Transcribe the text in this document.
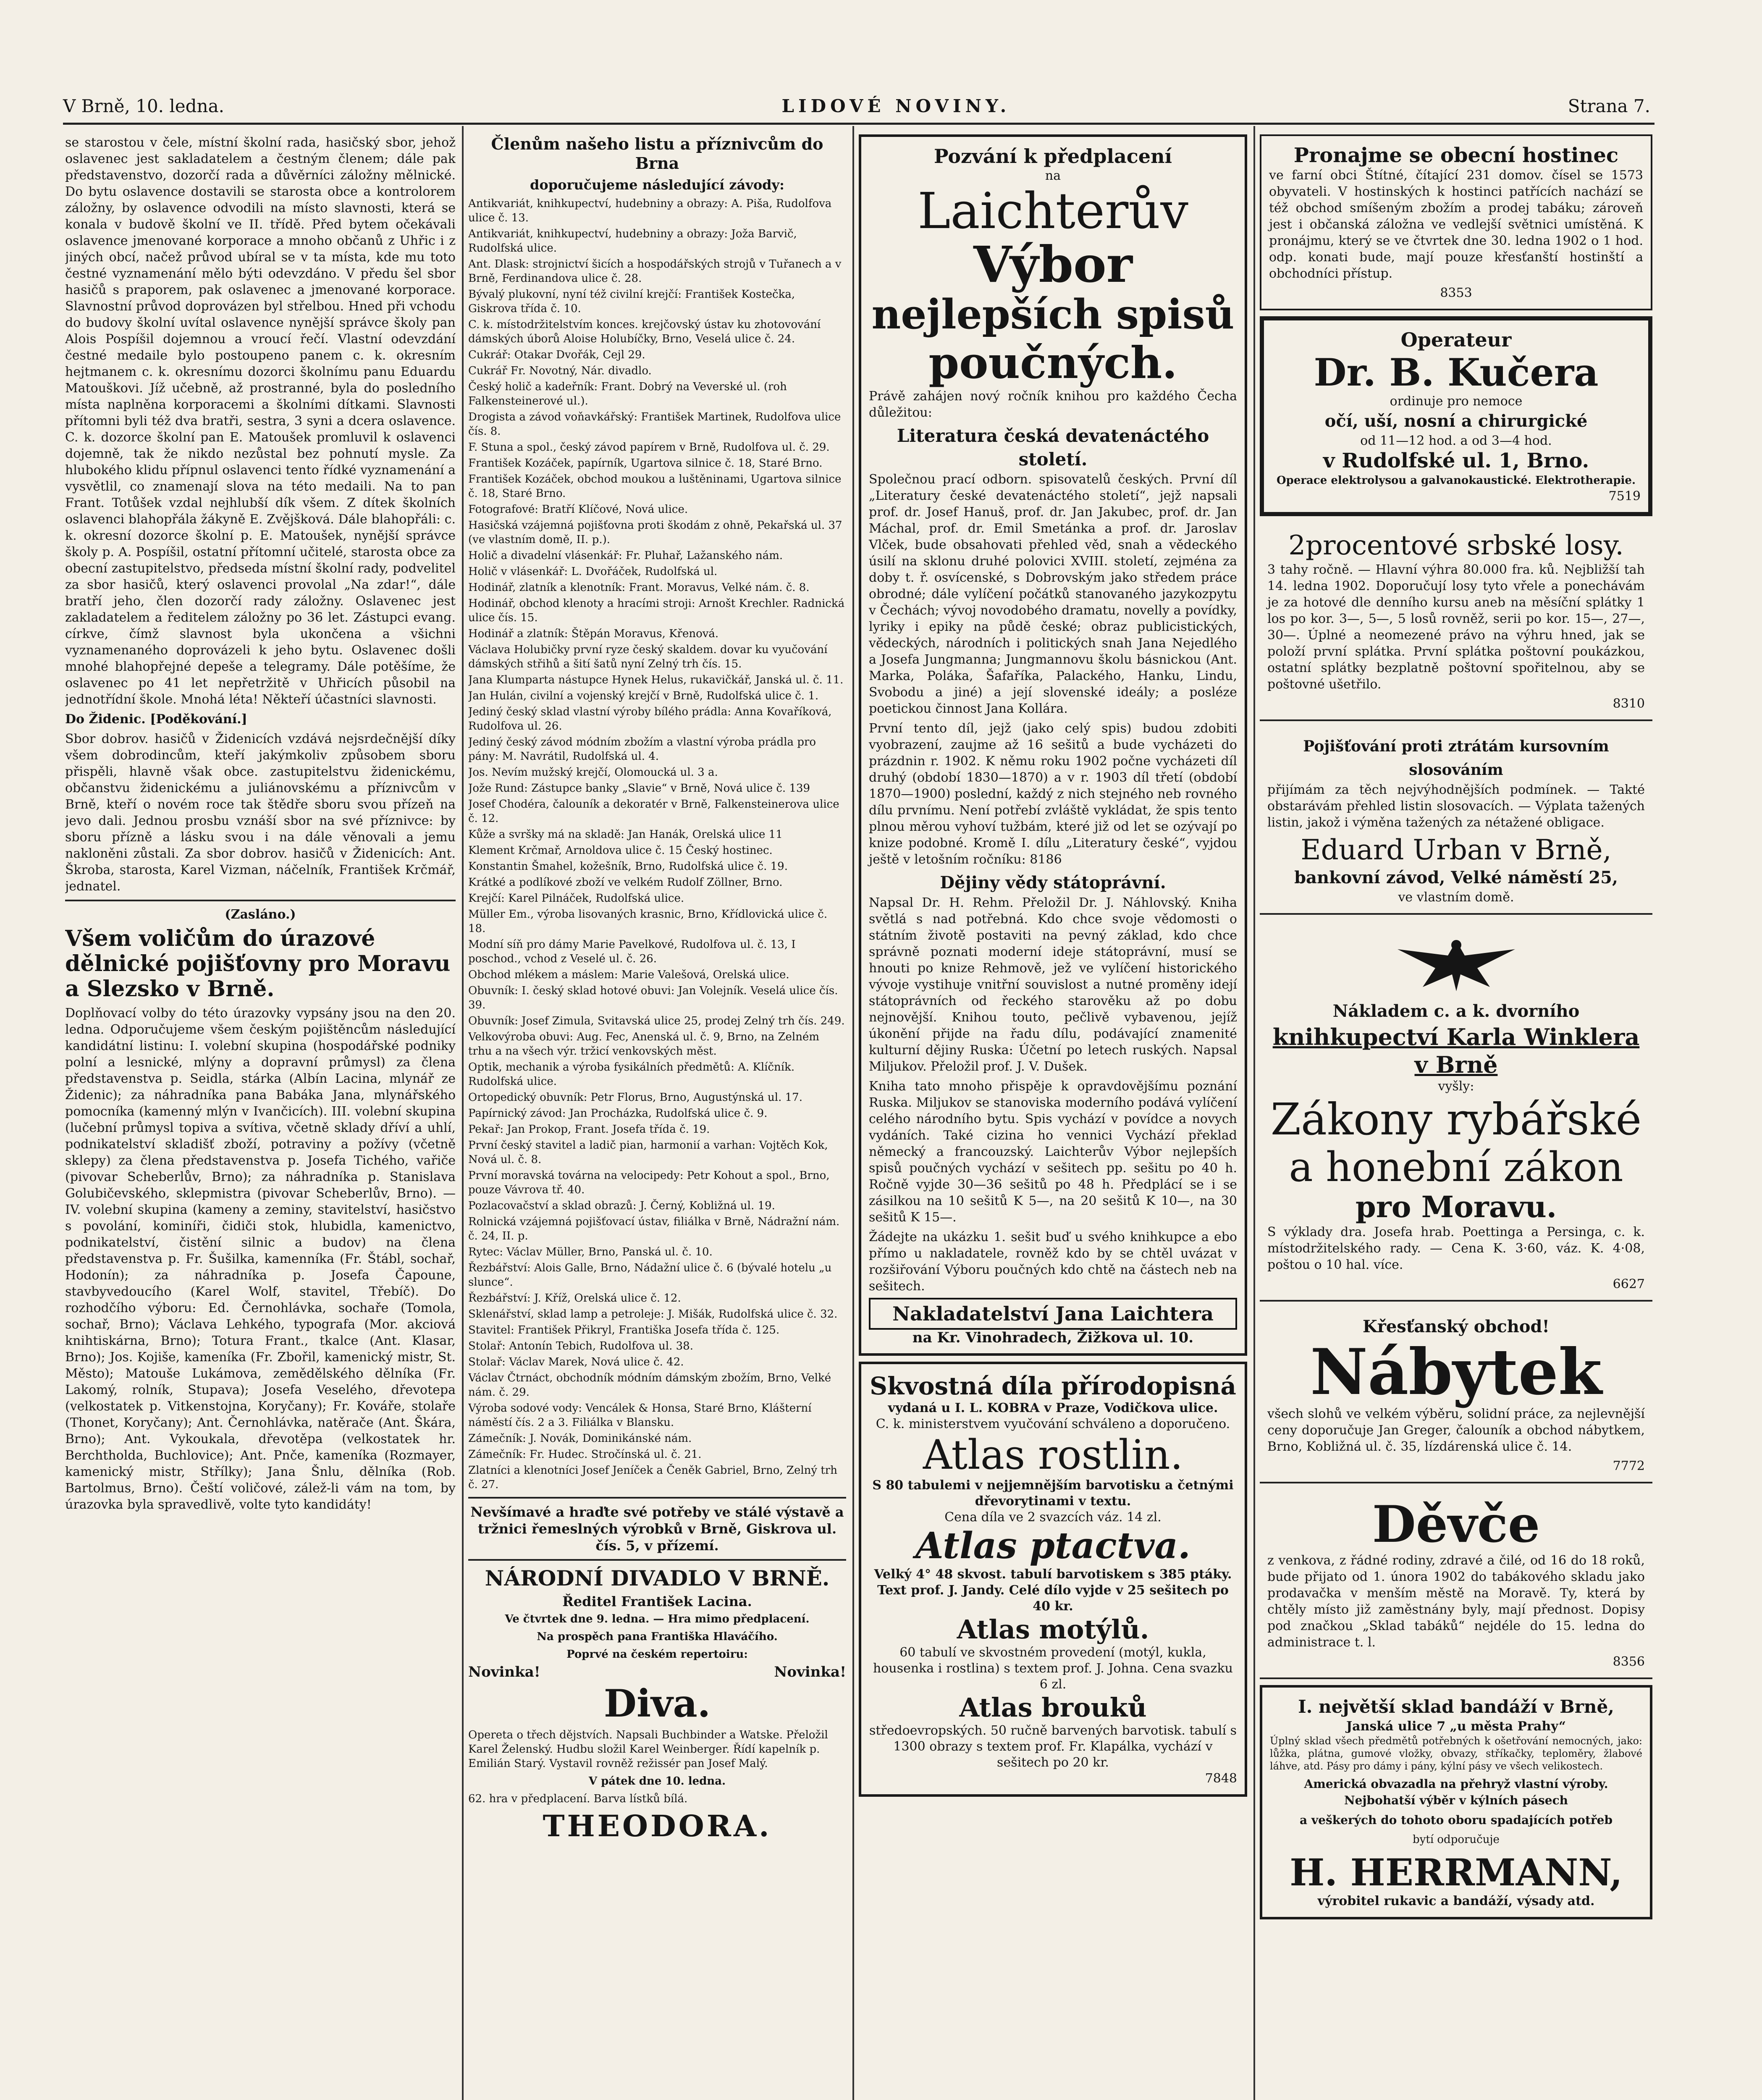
V Brně, 10. ledna.	LIDOVÉ NOVINY.	Strana 7.

se starostou v čele, místní školní rada, hasičský sbor, jehož oslavenec jest sakladatelem a čestným členem; dále pak představenstvo, dozorčí rada a důvěrníci záložny mělnické. Do bytu oslavence dostavili se starosta obce a kontrolorem záložny, by oslavence odvodili na místo slavnosti, která se konala v budově školní ve II. třídě. Před bytem očekávali oslavence jmenované korporace a mnoho občanů z Uhřic i z jiných obcí, načež průvod ubíral se v ta místa, kde mu toto čestné vyznamenání mělo býti odevzdáno. V předu šel sbor hasičů s praporem, pak oslavenec a jmenované korporace. Slavnostní průvod doprovázen byl střelbou. Hned při vchodu do budovy školní uvítal oslavence nynější správce školy pan Alois Pospíšil dojemnou a vroucí řečí. Vlastní odevzdání čestné medaile bylo postoupeno panem c. k. okresním hejtmanem c. k. okresnímu dozorci školnímu panu Eduardu Matouškovi. Jíž učebně, až prostranné, byla do posledního místa naplněna korporacemi a školními dítkami. Slavnosti přítomni byli též dva bratři, sestra, 3 syni a dcera oslavence. C. k. dozorce školní pan E. Matoušek promluvil k oslavenci dojemně, tak že nikdo nezůstal bez pohnutí mysle. Za hlubokého klidu přípnul oslavenci tento řídké vyznamenání a vysvětlil, co znamenají slova na této medaili. Na to pan Frant. Totůšek vzdal nejhlubší dík všem. Z dítek školních oslavenci blahopřála žákyně E. Zvějšková. Dále blahopřáli: c. k. okresní dozorce školní p. E. Matoušek, nynější správce školy p. A. Pospíšil, ostatní přítomní učitelé, starosta obce za obecní zastupitelstvo, předseda místní školní rady, podvelitel za sbor hasičů, který oslavenci provolal „Na zdar!“, dále bratří jeho, člen dozorčí rady záložny. Oslavenec jest zakladatelem a ředitelem záložny po 36 let. Zástupci evang. církve, čímž slavnost byla ukončena a všichni vyznamenaného doprovázeli k jeho bytu. Oslavenec došli mnohé blahopřejné depeše a telegramy. Dále potěšíme, že oslavenec po 41 let nepřetržitě v Uhřicích působil na jednotřídní škole. Mnohá léta! Někteří účastníci slavnosti.

Do Židenic. [Poděkování.]

Sbor dobrov. hasičů v Židenicích vzdává nejsrdečnější díky všem dobrodincům, kteří jakýmkoliv způsobem sboru přispěli, hlavně však obce. zastupitelstvu židenickému, občanstvu židenickému a juliánovskému a příznivcům v Brně, kteří o novém roce tak štědře sboru svou přízeň na jevo dali. Jednou prosbu vznáší sbor na své příznivce: by sboru přízně a lásku svou i na dále věnovali a jemu nakloněni zůstali. Za sbor dobrov. hasičů v Židenicích: Ant. Škroba, starosta, Karel Vizman, náčelník, František Krčmář, jednatel.

(Zasláno.)

Všem voličům do úrazové dělnické pojišťovny pro Moravu a Slezsko v Brně.

Doplňovací volby do této úrazovky vypsány jsou na den 20. ledna. Odporučujeme všem českým pojištěncům následující kandidátní listinu: I. volební skupina (hospodářské podniky polní a lesnické, mlýny a dopravní průmysl) za člena představenstva p. Seidla, stárka (Albín Lacina, mlynář ze Židenic); za náhradníka pana Babáka Jana, mlynářského pomocníka (kamenný mlýn v Ivančicích). III. volební skupina (lučební průmysl topiva a svítiva, včetně sklady dříví a uhlí, podnikatelství skladišť zboží, potraviny a požívy (včetně sklepy) za člena představenstva p. Josefa Tichého, vařiče (pivovar Scheberlův, Brno); za náhradníka p. Stanislava Golubičevského, sklepmistra (pivovar Scheberlův, Brno). — IV. volební skupina (kameny a zeminy, stavitelství, hasičstvo s povolání, kominíři, čidiči stok, hlubidla, kamenictvo, podnikatelství, čistění silnic a budov) na člena představenstva p. Fr. Šušilka, kamenníka (Fr. Štábl, sochař, Hodonín); za náhradníka p. Josefa Čapoune, stavbyvedoucího (Karel Wolf, stavitel, Třebíč). Do rozhodčího výboru: Ed. Černohlávka, sochaře (Tomola, sochař, Brno); Václava Lehkého, typografa (Mor. akciová knihtiskárna, Brno); Totura Frant., tkalce (Ant. Klasar, Brno); Jos. Kojiše, kameníka (Fr. Zbořil, kamenický mistr, St. Město); Matouše Lukámova, zemědělského dělníka (Fr. Lakomý, rolník, Stupava); Josefa Veselého, dřevotepa (velkostatek p. Vitkenstojna, Koryčany); Fr. Kováře, stolaře (Thonet, Koryčany); Ant. Černohlávka, natěrače (Ant. Škára, Brno); Ant. Vykoukala, dřevotěpa (velkostatek hr. Berchtholda, Buchlovice); Ant. Pnče, kameníka (Rozmayer, kamenický mistr, Střílky); Jana Šnlu, dělníka (Rob. Bartolmus, Brno). Čeští voličové, zálež-li vám na tom, by úrazovka byla spravedlivě, volte tyto kandidáty!

Členům našeho listu a příznivcům do Brna

doporučujeme následující závody:

Antikvariát, knihkupectví, hudebniny a obrazy: A. Piša, Rudolfova ulice č. 13.

Antikvariát, knihkupectví, hudebniny a obrazy: Joža Barvič, Rudolfská ulice.

Ant. Dlask: strojnictví šicích a hospodářských strojů v Tuřanech a v Brně, Ferdinandova ulice č. 28.

Bývalý plukovní, nyní též civilní krejčí: František Kostečka, Giskrova třída č. 10.

C. k. místodržitelstvím konces. krejčovský ústav ku zhotovování dámských úborů Aloise Holubíčky, Brno, Veselá ulice č. 24.

Cukrář: Otakar Dvořák, Cejl 29.

Cukrář Fr. Novotný, Nár. divadlo.

Český holič a kadeřník: Frant. Dobrý na Veverské ul. (roh Falkensteinerové ul.).

Drogista a závod voňavkářský: František Martinek, Rudolfova ulice čís. 8.

F. Stuna a spol., český závod papírem v Brně, Rudolfova ul. č. 29.

František Kozáček, papírník, Ugartova silnice č. 18, Staré Brno.

František Kozáček, obchod moukou a luštěninami, Ugartova silnice č. 18, Staré Brno.

Fotografové: Bratří Klíčové, Nová ulice.

Hasičská vzájemná pojišťovna proti škodám z ohně, Pekařská ul. 37 (ve vlastním domě, II. p.).

Holič a divadelní vlásenkář: Fr. Pluhař, Lažanského nám.

Holič v vlásenkář: L. Dvořáček, Rudolfská ul.

Hodinář, zlatník a klenotník: Frant. Moravus, Velké nám. č. 8.

Hodinář, obchod klenoty a hracími stroji: Arnošt Krechler. Radnická ulice čís. 15.

Hodinář a zlatník: Štěpán Moravus, Křenová.

Václava Holubičky první ryze český skaldem. dovar ku vyučování dámských střihů a šití šatů nyní Zelný trh čís. 15.

Jana Klumparta nástupce Hynek Helus, rukavičkář, Janská ul. č. 11.

Jan Hulán, civilní a vojenský krejčí v Brně, Rudolfská ulice č. 1.

Jediný český sklad vlastní výroby bílého prádla: Anna Kovaříková, Rudolfova ul. 26.

Jediný český závod módním zbožím a vlastní výroba prádla pro pány: M. Navrátil, Rudolfská ul. 4.

Jos. Nevím mužský krejčí, Olomoucká ul. 3 a.

Jože Rund: Zástupce banky „Slavie“ v Brně, Nová ulice č. 139

Josef Chodéra, čalouník a dekoratér v Brně, Falkensteinerova ulice č. 12.

Kůže a svršky má na skladě: Jan Hanák, Orelská ulice 11

Klement Krčmař, Arnoldova ulice č. 15 Český hostinec.

Konstantin Šmahel, kožešník, Brno, Rudolfská ulice č. 19.

Krátké a podlíkové zboží ve velkém Rudolf Zöllner, Brno.

Krejčí: Karel Pilnáček, Rudolfská ulice.

Müller Em., výroba lisovaných krasnic, Brno, Křídlovická ulice č. 18.

Modní síň pro dámy Marie Pavelkové, Rudolfova ul. č. 13, I poschod., vchod z Veselé ul. č. 26.

Obchod mlékem a máslem: Marie Valešová, Orelská ulice.

Obuvník: I. český sklad hotové obuvi: Jan Volejník. Veselá ulice čís. 39.

Obuvník: Josef Zimula, Svitavská ulice 25, prodej Zelný trh čís. 249.

Velkovýroba obuvi: Aug. Fec, Anenská ul. č. 9, Brno, na Zelném trhu a na všech výr. tržicí venkovských měst.

Optik, mechanik a výroba fysikálních předmětů: A. Klíčník. Rudolfská ulice.

Ortopedický obuvník: Petr Florus, Brno, Augustýnská ul. 17.

Papírnický závod: Jan Procházka, Rudolfská ulice č. 9.

Pekař: Jan Prokop, Frant. Josefa třída č. 19.

První český stavitel a ladič pian, harmonií a varhan: Vojtěch Kok, Nová ul. č. 8.

První moravská továrna na velocipedy: Petr Kohout a spol., Brno, pouze Vávrova tř. 40.

Pozlacovačství a sklad obrazů: J. Černý, Kobližná ul. 19.

Rolnická vzájemná pojišťovací ústav, filiálka v Brně, Nádražní nám. č. 24, II. p.

Rytec: Václav Müller, Brno, Panská ul. č. 10.

Řezbářství: Alois Galle, Brno, Nádažní ulice č. 6 (bývalé hotelu „u slunce“.

Řezbářství: J. Kříž, Orelská ulice č. 12.

Sklenářství, sklad lamp a petroleje: J. Mišák, Rudolfská ulice č. 32.

Stavitel: František Přikryl, Františka Josefa třída č. 125.

Stolař: Antonín Tebich, Rudolfova ul. 38.

Stolař: Václav Marek, Nová ulice č. 42.

Václav Čtrnáct, obchodník módním dámským zbožím, Brno, Velké nám. č. 29.

Výroba sodové vody: Vencálek & Honsa, Staré Brno, Klášterní náměstí čís. 2 a 3. Filiálka v Blansku.

Zámečník: J. Novák, Dominikánské nám.

Zámečník: Fr. Hudec. Stročínská ul. č. 21.

Zlatníci a klenotníci Josef Jeníček a Čeněk Gabriel, Brno, Zelný trh č. 27.

Nevšímavé a hraďte své potřeby ve stálé výstavě a tržnici řemeslných výrobků v Brně, Giskrova ul. čís. 5, v přízemí.

NÁRODNÍ DIVADLO V BRNĚ.

Ředitel František Lacina.

Ve čtvrtek dne 9. ledna. — Hra mimo předplacení.

Na prospěch pana Františka Hlaváčího.

Poprvé na českém repertoiru:

Novinka!	Novinka!

Diva.

Opereta o třech dějstvích. Napsali Buchbinder a Watske. Přeložil Karel Želenský. Hudbu složil Karel Weinberger. Řídí kapelník p. Emilián Starý. Vystavil rovněž režissér pan Josef Malý.

V pátek dne 10. ledna.

62. hra v předplacení. Barva lístků bílá.

THEODORA.

Pozvání k předplacení
na
Laichterův
Výbor
nejlepších spisů
poučných.

Právě zahájen nový ročník knihou pro každého Čecha důležitou:

Literatura česká devatenáctého století.

Společnou prací odborn. spisovatelů českých. První díl „Literatury české devatenáctého století“, jejž napsali prof. dr. Josef Hanuš, prof. dr. Jan Jakubec, prof. dr. Jan Máchal, prof. dr. Emil Smetánka a prof. dr. Jaroslav Vlček, bude obsahovati přehled věd, snah a vědeckého úsilí na sklonu druhé polovici XVIII. století, zejména za doby t. ř. osvícenské, s Dobrovským jako středem práce obrodné; dále vylíčení počátků stanovaného jazykozpytu v Čechách; vývoj novodobého dramatu, novelly a povídky, lyriky i epiky na půdě české; obraz publicistických, vědeckých, národních i politických snah Jana Nejedlého a Josefa Jungmanna; Jungmannovu školu básnickou (Ant. Marka, Polákа, Šafaříka, Palackého, Hanku, Lindu, Svobodu a jiné) a její slovenské ideály; a posléze poetickou činnost Jana Kollára.

První tento díl, jejž (jako celý spis) budou zdobiti vyobrazení, zaujme až 16 sešitů a bude vycházeti do prázdnin r. 1902. K němu roku 1902 počne vycházeti díl druhý (období 1830—1870) a v r. 1903 díl třetí (období 1870—1900) poslední, každý z nich stejného neb rovného dílu prvnímu. Není potřebí zvláště vykládat, že spis tento plnou měrou vyhoví tužbám, které již od let se ozývají po knize podobné. Kromě I. dílu „Literatury české“, vyjdou ještě v letošním ročníku: 8186

Dějiny vědy státoprávní.

Napsal Dr. H. Rehm. Přeložil Dr. J. Náhlovský. Kniha světlá s nad potřebná. Kdo chce svoje vědomosti o státním životě postaviti na pevný základ, kdo chce správně poznati moderní ideje státoprávní, musí se hnouti po knize Rehmově, jež ve vylíčení historického vývoje vystihuje vnitřní souvislost a nutné proměny idejí státoprávních od řeckého starověku až po dobu nejnovější. Knihou touto, pečlivě vybavenou, jejíž úkonění přijde na řadu dílu, podávající znamenité kulturní dějiny Ruska: Účetní po letech ruských. Napsal Miljukov. Přeložil prof. J. V. Dušek.

Kniha tato mnoho přispěje k opravdovějšímu poznání Ruska. Miljukov se stanoviska moderního podává vylíčení celého národního bytu. Spis vychází v povídce a novych vydáních. Také cizina ho vennici Vychází překlad německý a francouzský. Laichterův Výbor nejlepších spisů poučných vychází v sešitech pp. sešitu po 40 h. Ročně vyjde 30—36 sešitů po 48 h. Předplácí se i se zásilkou na 10 sešitů K 5—, na 20 sešitů K 10—, na 30 sešitů K 15—.

Žádejte na ukázku 1. sešit buď u svého knihkupce a ebo přímo u nakladatele, rovněž kdo by se chtěl uvázat v rozšiřování Výboru poučných kdo chtě na částech neb na sešitech.

Nakladatelství Jana Laichtera
na Kr. Vinohradech, Žižkova ul. 10.
Skvostná díla přírodopisná
vydaná u I. L. KOBRA v Praze, Vodičkova ulice.
C. k. ministerstvem vyučování schváleno a doporučeno.
Atlas rostlin.
S 80 tabulemi v nejjemnějším barvotisku a četnými dřevorytinami v textu.
Cena díla ve 2 svazcích váz. 14 zl.
Atlas ptactva.
Velký 4° 48 skvost. tabulí barvotiskem s 385 ptáky. Text prof. J. Jandy. Celé dílo vyjde v 25 sešitech po 40 kr.
Atlas motýlů.
60 tabulí ve skvostném provedení (motýl, kukla, housenka i rostlina) s textem prof. J. Johna. Cena svazku 6 zl.
Atlas brouků
středoevropských. 50 ručně barvených barvotisk. tabulí s 1300 obrazy s textem prof. Fr. Klapálka, vychází v sešitech po 20 kr.
7848
Pronajme se obecní hostinec

ve farní obci Štítné, čítající 231 domov. čísel se 1573 obyvateli. V hostinských k hostinci patřících nachází se též obchod smíšeným zbožím a prodej tabáku; zároveň jest i občanská záložna ve vedlejší světnici umístěná. K pronájmu, který se ve čtvrtek dne 30. ledna 1902 o 1 hod. odp. konati bude, mají pouze křesťanští hostinští a obchodníci přístup.

8353
Operateur
Dr. B. Kučera
ordinuje pro nemoce
očí, uší, nosní a chirurgické
od 11—12 hod. a od 3—4 hod.
v Rudolfské ul. 1, Brno.
Operace elektrolysou a galvanokaustické. Elektrotherapie.
7519
2procentové srbské losy.

3 tahy ročně. — Hlavní výhra 80.000 fra. ků. Nejbližší tah 14. ledna 1902. Doporučují losy tyto vřele a ponechávám je za hotové dle denního kursu aneb na měsíční splátky 1 los po kor. 3—, 5—, 5 losů rovněž, serii po kor. 15—, 27—, 30—. Úplné a neomezené právo na výhru hned, jak se položí první splátka. První splátka poštovní poukázkou, ostatní splátky bezplatně poštovní spořitelnou, aby se poštovné ušetřilo.

8310
Pojišťování proti ztrátám kursovním slosováním

přijímám za těch nejvýhodnějších podmínek. — Takté obstarávám přehled listin slosovacích. — Výplata tažených listin, jakož i výměna tažených za nétažené obligace.

Eduard Urban v Brně,
bankovní závod, Velké náměstí 25,
ve vlastním domě.
Nákladem c. a k. dvorního
knihkupectví Karla Winklera v Brně
vyšly:
Zákony rybářské
a honební zákon
pro Moravu.

S výklady dra. Josefa hrab. Poettinga a Persinga, c. k. místodržitelského rady. — Cena K. 3·60, váz. K. 4·08, poštou o 10 hal. více.

6627
Křesťanský obchod!
Nábytek

všech slohů ve velkém výběru, solidní práce, za nejlevnější ceny doporučuje Jan Greger, čalouník a obchod nábytkem, Brno, Kobližná ul. č. 35, lízdárenská ulice č. 14.

7772
Děvče

z venkova, z řádné rodiny, zdravé a čilé, od 16 do 18 roků, bude přijato od 1. února 1902 do tabákového skladu jako prodavačka v menším městě na Moravě. Ty, která by chtěly místo již zaměstnány byly, mají přednost. Dopisy pod značkou „Sklad tabáků“ nejdéle do 15. ledna do administrace t. l.

8356
I. největší sklad bandáží v Brně,
Janská ulice 7 „u města Prahy“

Úplný sklad všech předmětů potřebných k ošetřování nemocných, jako: lůžka, plátna, gumové vložky, obvazy, stříkačky, teploměry, žlabové láhve, atd. Pásy pro dámy i pány, kýlní pásy ve všech velikostech.

Americká obvazadla na přehryž vlastní výroby. Nejbohatší výběr v kýlních pásech

a veškerých do tohoto oboru spadajících potřeb

bytí odporučuje

H. HERRMANN,
výrobitel rukavic a bandáží, výsady atd.
